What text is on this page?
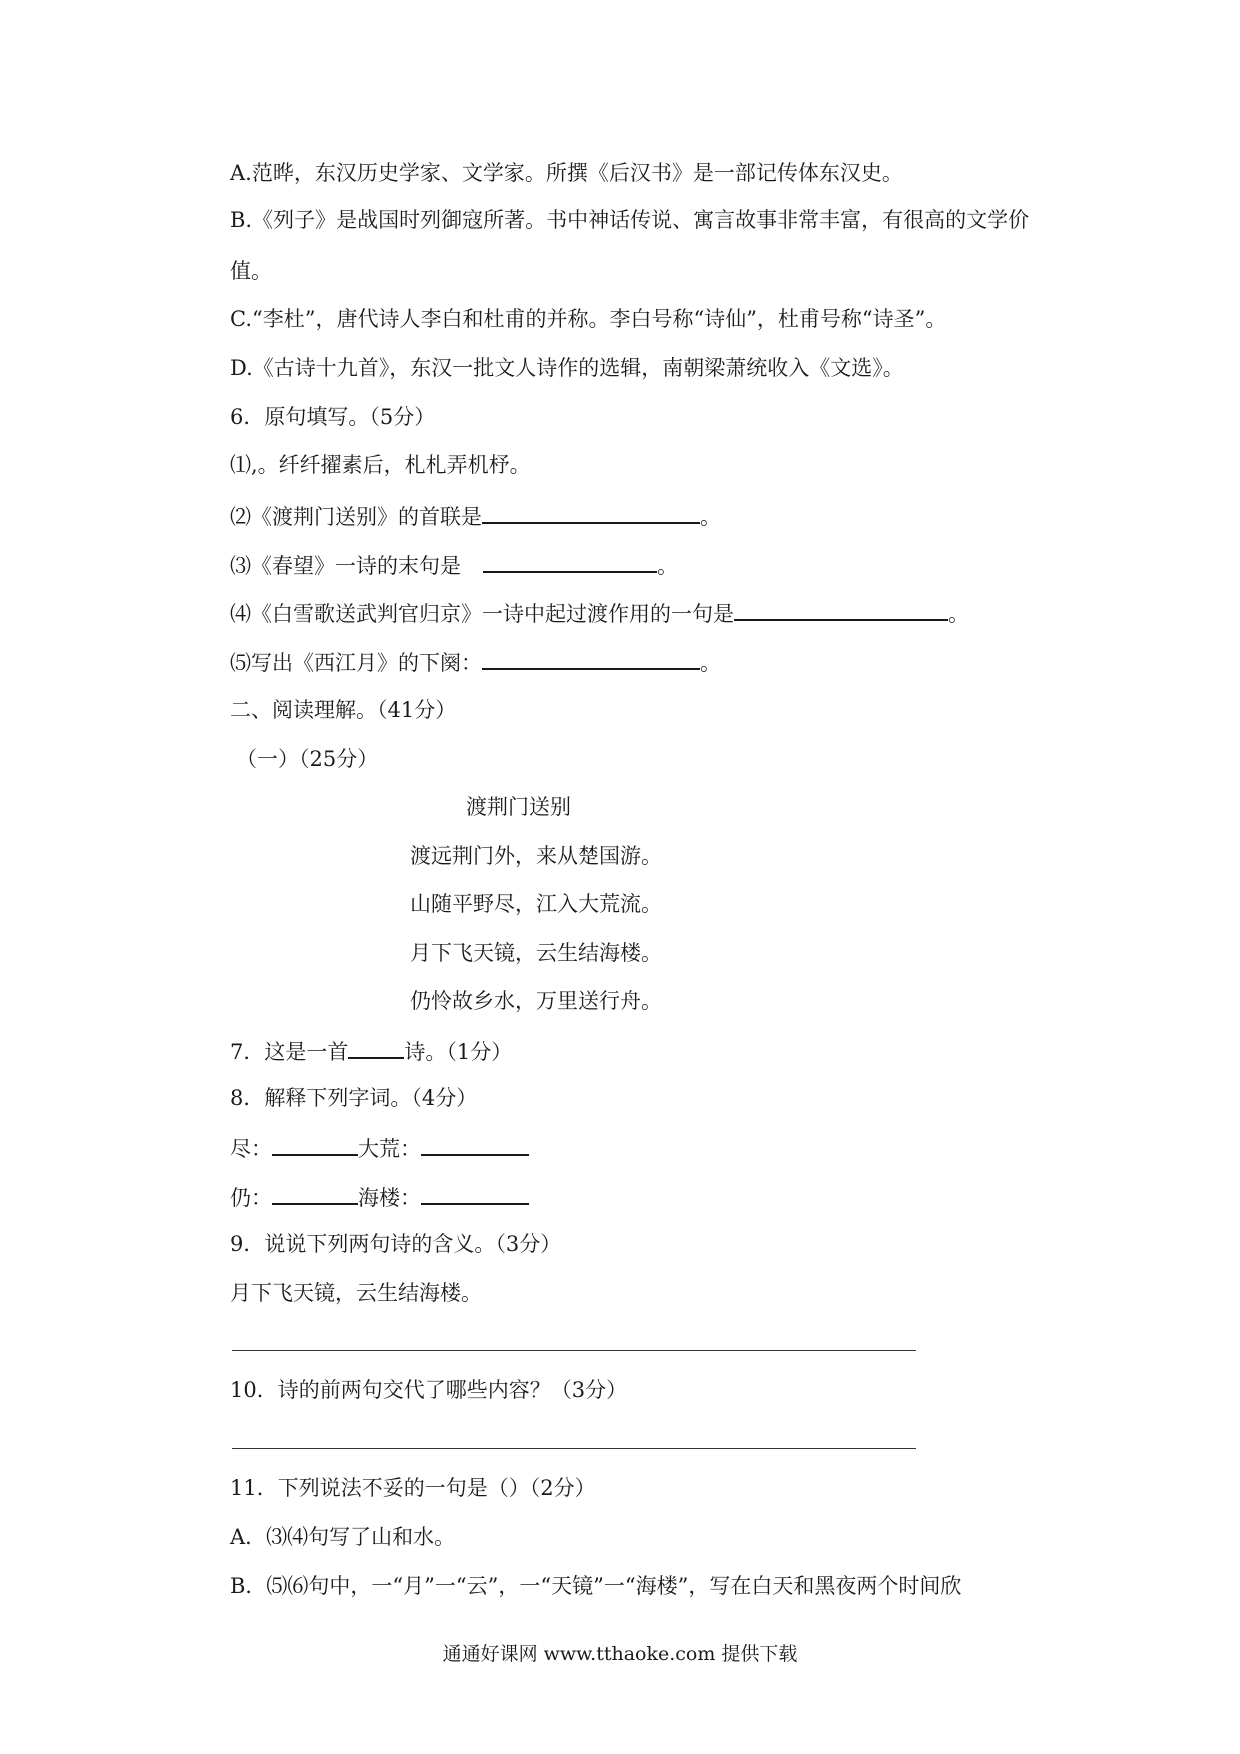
A.范晔，东汉历史学家、文学家。所撰《后汉书》是一部记传体东汉史。
B.《列子》是战国时列御寇所著。书中神话传说、寓言故事非常丰富，有很高的文学价
值。
C.“李杜”，唐代诗人李白和杜甫的并称。李白号称“诗仙”，杜甫号称“诗圣”。
D.《古诗十九首》，东汉一批文人诗作的选辑，南朝梁萧统收入《文选》。
6．原句填写。（5分）
⑴,。纤纤擢素后，札札弄机杼。
⑵《渡荆门送别》的首联是	。
⑶《春望》一诗的末句是	。
⑷《白雪歌送武判官归京》一诗中起过渡作用的一句是	。
⑸写出《西江月》的下阕：	。
二、阅读理解。（41分）
（一）（25分）
渡荆门送别
渡远荆门外，来从楚国游。
山随平野尽，江入大荒流。
月下飞天镜，云生结海楼。
仍怜故乡水，万里送行舟。
7．这是一首	诗。（1分）
8．解释下列字词。（4分）
尽：	大荒：
仍：	海楼：
9．说说下列两句诗的含义。（3分）
月下飞天镜，云生结海楼。
10．诗的前两句交代了哪些内容？（3分）
11．下列说法不妥的一句是（）（2分）
A．⑶⑷句写了山和水。
B．⑸⑹句中，一“月”一“云”，一“天镜”一“海楼”，写在白天和黑夜两个时间欣
通通好课网 www.tthaoke.com 提供下载
